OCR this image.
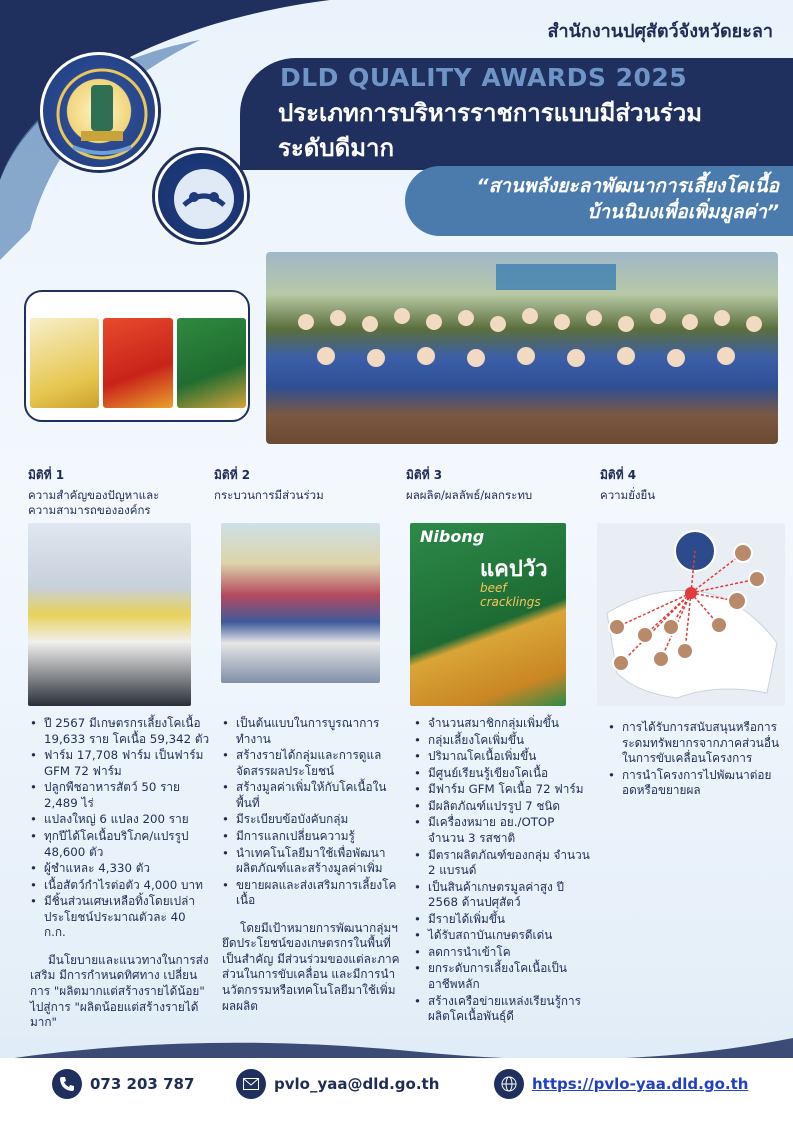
สำนักงานปศุสัตว์จังหวัดยะลา
DLD QUALITY AWARDS 2025
ประเภทการบริหารราชการแบบมีส่วนร่วม
ระดับดีมาก
“สานพลังยะลาพัฒนาการเลี้ยงโคเนื้อ
บ้านนิบงเพื่อเพิ่มมูลค่า”
มิติที่ 1
ความสำคัญของปัญหาและ
ความสามารถขององค์กร
• ปี 2567 มีเกษตรกรเลี้ยงโคเนื้อ 19,633 ราย โคเนื้อ 59,342 ตัว
• ฟาร์ม 17,708 ฟาร์ม เป็นฟาร์ม GFM 72 ฟาร์ม
• ปลูกพืชอาหารสัตว์ 50 ราย 2,489 ไร่
• แปลงใหญ่ 6 แปลง 200 ราย
• ทุกปีได้โคเนื้อบริโภค/แปรรูป 48,600 ตัว
• ผู้ชำแหละ 4,330 ตัว
• เนื้อสัตว์กำไรต่อตัว 4,000 บาท
• มีชิ้นส่วนเศษเหลือทิ้งโดยเปล่าประโยชน์ประมาณตัวละ 40 ก.ก.

มีนโยบายและแนวทางในการส่งเสริม มีการกำหนดทิศทาง เปลี่ยนการ "ผลิตมากแต่สร้างรายได้น้อย" ไปสู่การ "ผลิตน้อยแต่สร้างรายได้มาก"

มิติที่ 2
กระบวนการมีส่วนร่วม
• เป็นต้นแบบในการบูรณาการทำงาน
• สร้างรายได้กลุ่มและการดูแลจัดสรรผลประโยชน์
• สร้างมูลค่าเพิ่มให้กับโคเนื้อในพื้นที่
• มีระเบียบข้อบังคับกลุ่ม
• มีการแลกเปลี่ยนความรู้
• นำเทคโนโลยีมาใช้เพื่อพัฒนาผลิตภัณฑ์และสร้างมูลค่าเพิ่ม
• ขยายผลและส่งเสริมการเลี้ยงโคเนื้อ

โดยมีเป้าหมายการพัฒนากลุ่มฯ ยึดประโยชน์ของเกษตรกรในพื้นที่เป็นสำคัญ มีส่วนร่วมของแต่ละภาคส่วนในการขับเคลื่อน และมีการนำนวัตกรรมหรือเทคโนโลยีมาใช้เพิ่มผลผลิต

มิติที่ 3
ผลผลิต/ผลลัพธ์/ผลกระทบ
Nibong
แคปวัว
beef cracklings
• จำนวนสมาชิกกลุ่มเพิ่มขึ้น
• กลุ่มเลี้ยงโคเพิ่มขึ้น
• ปริมาณโคเนื้อเพิ่มขึ้น
• มีศูนย์เรียนรู้เขียงโคเนื้อ
• มีฟาร์ม GFM โคเนื้อ 72 ฟาร์ม
• มีผลิตภัณฑ์แปรรูป 7 ชนิด
• มีเครื่องหมาย อย./OTOP จำนวน 3 รสชาติ
• มีตราผลิตภัณฑ์ของกลุ่ม จำนวน 2 แบรนด์
• เป็นสินค้าเกษตรมูลค่าสูง ปี 2568 ด้านปศุสัตว์
• มีรายได้เพิ่มขึ้น
• ได้รับสถาบันเกษตรดีเด่น
• ลดการนำเข้าโค
• ยกระดับการเลี้ยงโคเนื้อเป็นอาชีพหลัก
• สร้างเครือข่ายแหล่งเรียนรู้การผลิตโคเนื้อพันธุ์ดี
มิติที่ 4
ความยั่งยืน
• การได้รับการสนับสนุนหรือการระดมทรัพยากรจากภาคส่วนอื่นในการขับเคลื่อนโครงการ
• การนำโครงการไปพัฒนาต่อยอดหรือขยายผล
073 203 787	pvlo_yaa@dld.go.th	https://pvlo-yaa.dld.go.th
